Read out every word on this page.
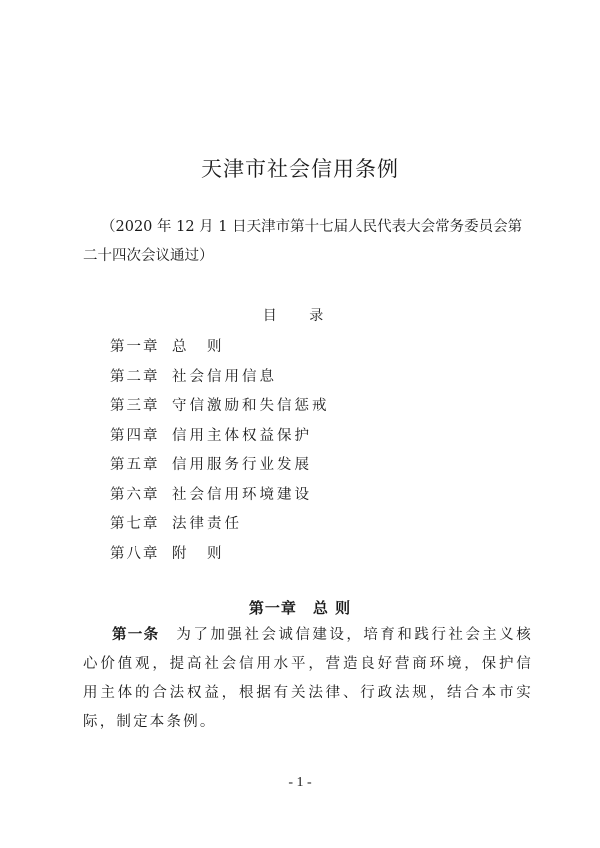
天津市社会信用条例
（2020 年 12 月 1 日天津市第十七届人民代表大会常务委员会第二十四次会议通过）
目 录
第一章 总　则
第二章 社会信用信息
第三章 守信激励和失信惩戒
第四章 信用主体权益保护
第五章 信用服务行业发展
第六章 社会信用环境建设
第七章 法律责任
第八章 附　则
第一章　总 则

第一条　 为了加强社会诚信建设，培育和践行社会主义核心价值观，提高社会信用水平，营造良好营商环境，保护信用主体的合法权益，根据有关法律、行政法规，结合本市实际，制定本条例。

- 1 -
